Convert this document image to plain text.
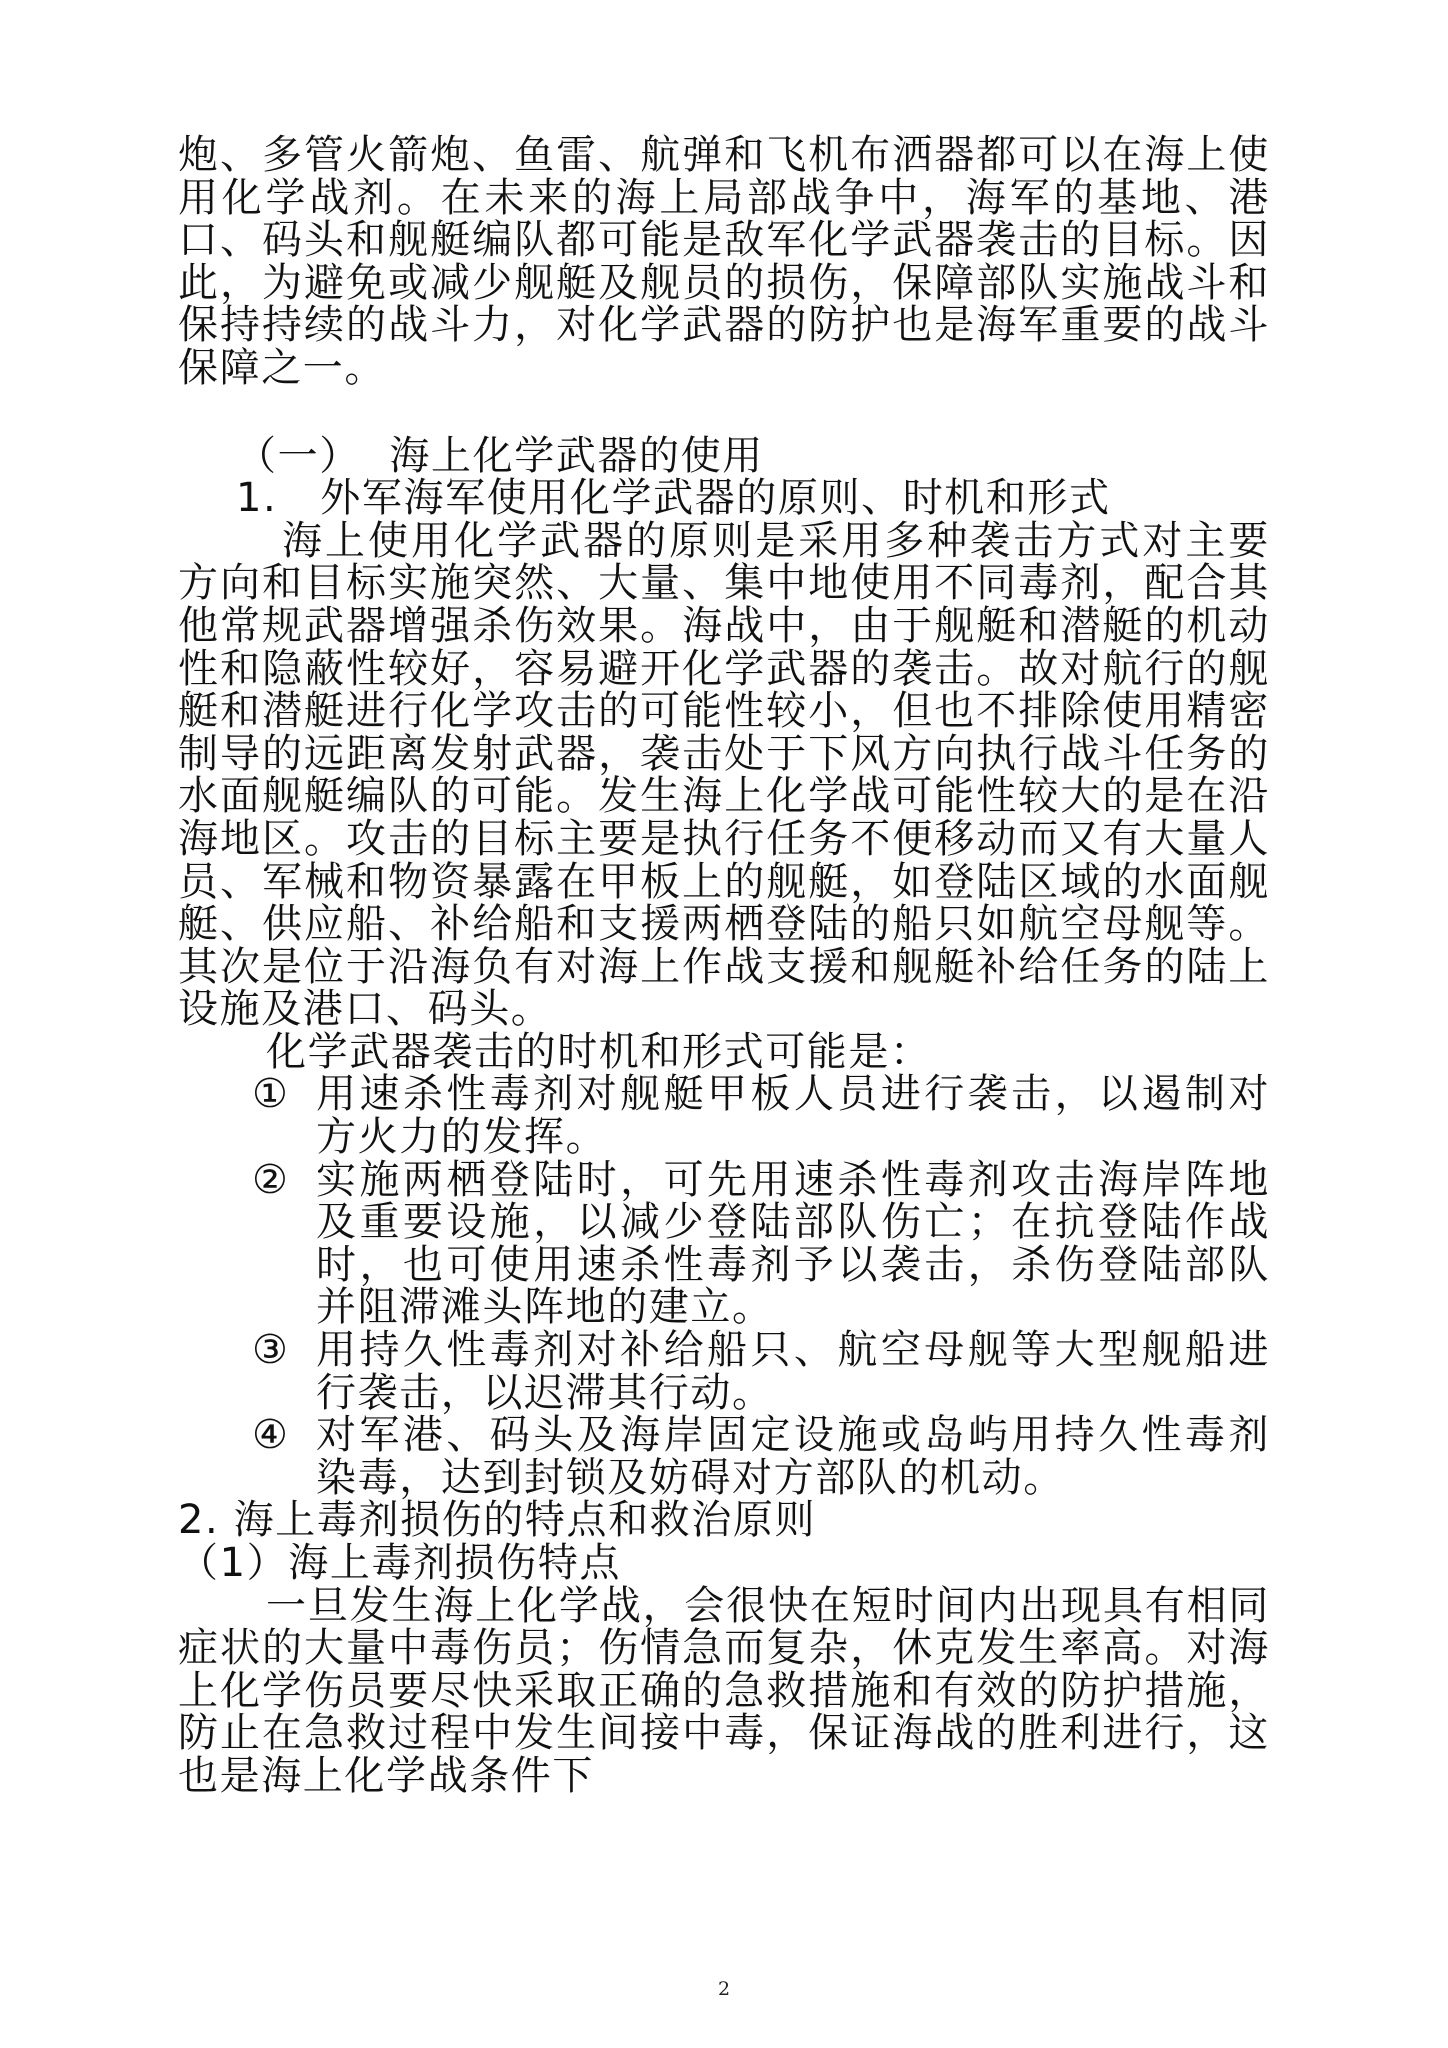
炮、多管火箭炮、鱼雷、航弹和飞机布洒器都可以在海上使用化学战剂。在未来的海上局部战争中，海军的基地、港口、码头和舰艇编队都可能是敌军化学武器袭击的目标。因此，为避免或减少舰艇及舰员的损伤，保障部队实施战斗和保持持续的战斗力，对化学武器的防护也是海军重要的战斗保障之一。

（一）  海上化学武器的使用

1.   外军海军使用化学武器的原则、时机和形式

海上使用化学武器的原则是采用多种袭击方式对主要方向和目标实施突然、大量、集中地使用不同毒剂，配合其他常规武器增强杀伤效果。海战中，由于舰艇和潜艇的机动性和隐蔽性较好，容易避开化学武器的袭击。故对航行的舰艇和潜艇进行化学攻击的可能性较小，但也不排除使用精密制导的远距离发射武器，袭击处于下风方向执行战斗任务的水面舰艇编队的可能。发生海上化学战可能性较大的是在沿海地区。攻击的目标主要是执行任务不便移动而又有大量人员、军械和物资暴露在甲板上的舰艇，如登陆区域的水面舰艇、供应船、补给船和支援两栖登陆的船只如航空母舰等。其次是位于沿海负有对海上作战支援和舰艇补给任务的陆上设施及港口、码头。

化学武器袭击的时机和形式可能是：

① 用速杀性毒剂对舰艇甲板人员进行袭击，以遏制对方火力的发挥。
② 实施两栖登陆时，可先用速杀性毒剂攻击海岸阵地及重要设施，以减少登陆部队伤亡；在抗登陆作战时，也可使用速杀性毒剂予以袭击，杀伤登陆部队并阻滞滩头阵地的建立。
③ 用持久性毒剂对补给船只、航空母舰等大型舰船进行袭击，以迟滞其行动。
④ 对军港、码头及海岸固定设施或岛屿用持久性毒剂染毒，达到封锁及妨碍对方部队的机动。

2. 海上毒剂损伤的特点和救治原则

（1）海上毒剂损伤特点

一旦发生海上化学战，会很快在短时间内出现具有相同症状的大量中毒伤员；伤情急而复杂，休克发生率高。对海上化学伤员要尽快采取正确的急救措施和有效的防护措施，防止在急救过程中发生间接中毒，保证海战的胜利进行，这也是海上化学战条件下

2
